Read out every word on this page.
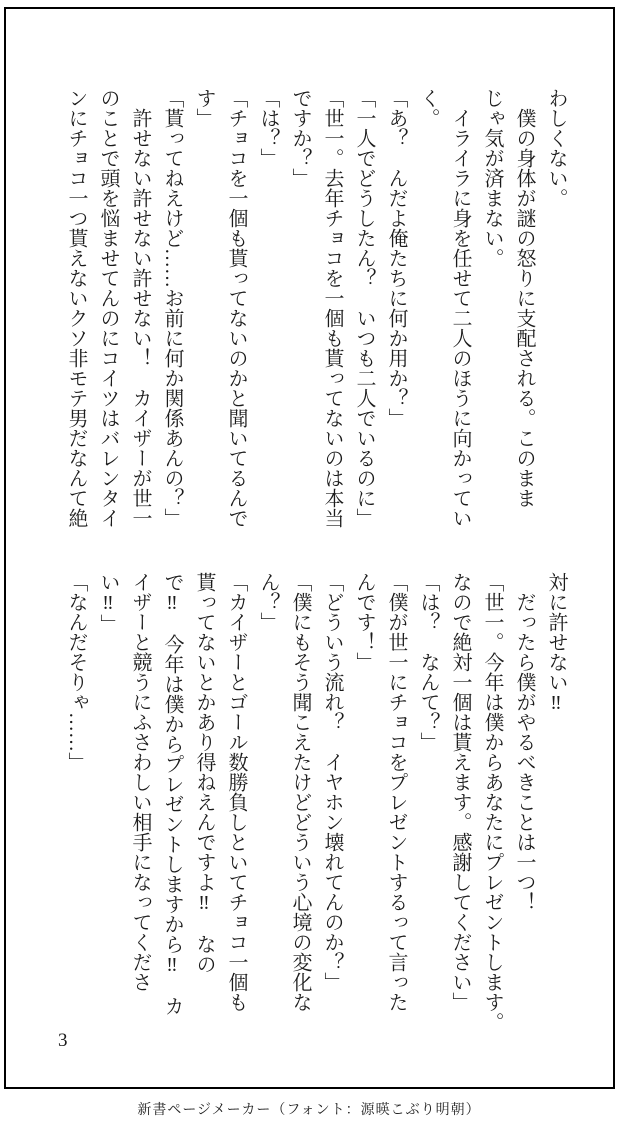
わしくない。
　僕の身体が謎の怒りに支配される。このまま
じゃ気が済まない。
　イライラに身を任せて二人のほうに向かってい
く。
「あ？　んだよ俺たちに何か用か？」
「一人でどうしたん？　いつも二人でいるのに」
「世一。去年チョコを一個も貰ってないのは本当
ですか？」
「は？」
「チョコを一個も貰ってないのかと聞いてるんで
す」
「貰ってねえけど……お前に何か関係あんの？」
　許せない許せない許せない！　カイザーが世一
のことで頭を悩ませてんのにコイツはバレンタイ
ンにチョコ一つ貰えないクソ非モテ男だなんて絶
対に許せない‼
　だったら僕がやるべきことは一つ！
「世一。今年は僕からあなたにプレゼントします。
なので絶対一個は貰えます。感謝してください」
「は？　なんて？」
「僕が世一にチョコをプレゼントするって言った
んです！」
「どういう流れ？　イヤホン壊れてんのか？」
「僕にもそう聞こえたけどどういう心境の変化な
ん？」
「カイザーとゴール数勝負しといてチョコ一個も
貰ってないとかあり得ねえんですよ‼　なの
で‼　今年は僕からプレゼントしますから‼　カ
イザーと競うにふさわしい相手になってくださ
い‼」
「なんだそりゃ……」
3
新書ページメーカー（フォント：源暎こぶり明朝）
